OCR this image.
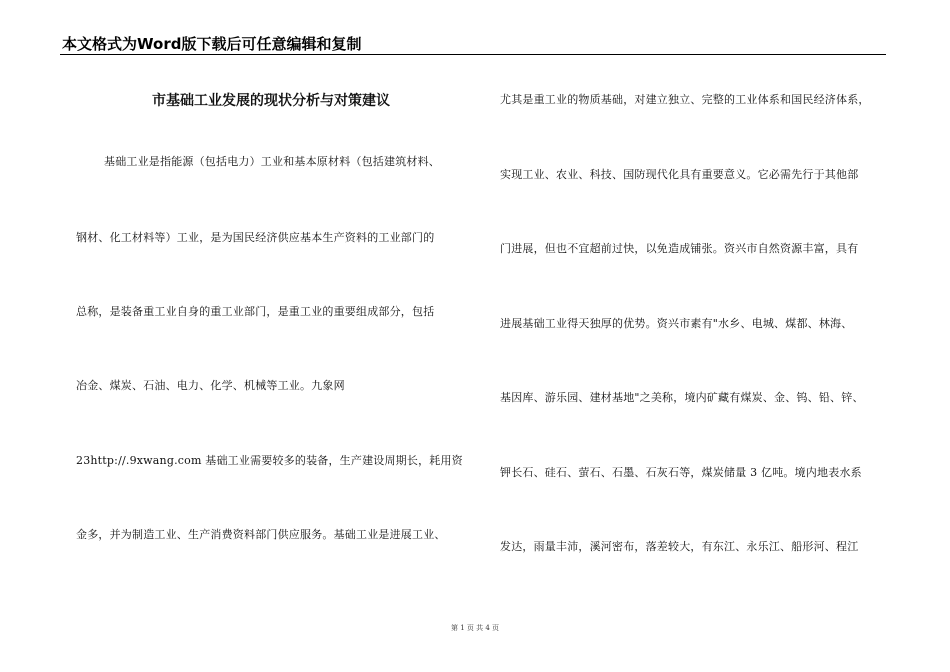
本文格式为Word版下载后可任意编辑和复制
市基础工业发展的现状分析与对策建议
基础工业是指能源（包括电力）工业和基本原材料（包括建筑材料、
钢材、化工材料等）工业，是为国民经济供应基本生产资料的工业部门的
总称，是装备重工业自身的重工业部门，是重工业的重要组成部分，包括
冶金、煤炭、石油、电力、化学、机械等工业。九象网
23http://.9xwang.com 基础工业需要较多的装备，生产建设周期长，耗用资
金多，并为制造工业、生产消费资料部门供应服务。基础工业是进展工业、
尤其是重工业的物质基础，对建立独立、完整的工业体系和国民经济体系，
实现工业、农业、科技、国防现代化具有重要意义。它必需先行于其他部
门进展，但也不宜超前过快，以免造成铺张。资兴市自然资源丰富，具有
进展基础工业得天独厚的优势。资兴市素有"水乡、电城、煤都、林海、
基因库、游乐园、建材基地"之美称，境内矿藏有煤炭、金、钨、铅、锌、
钾长石、硅石、萤石、石墨、石灰石等，煤炭储量 3 亿吨。境内地表水系
发达，雨量丰沛，溪河密布，落差较大，有东江、永乐江、船形河、程江
第 1 页 共 4 页
